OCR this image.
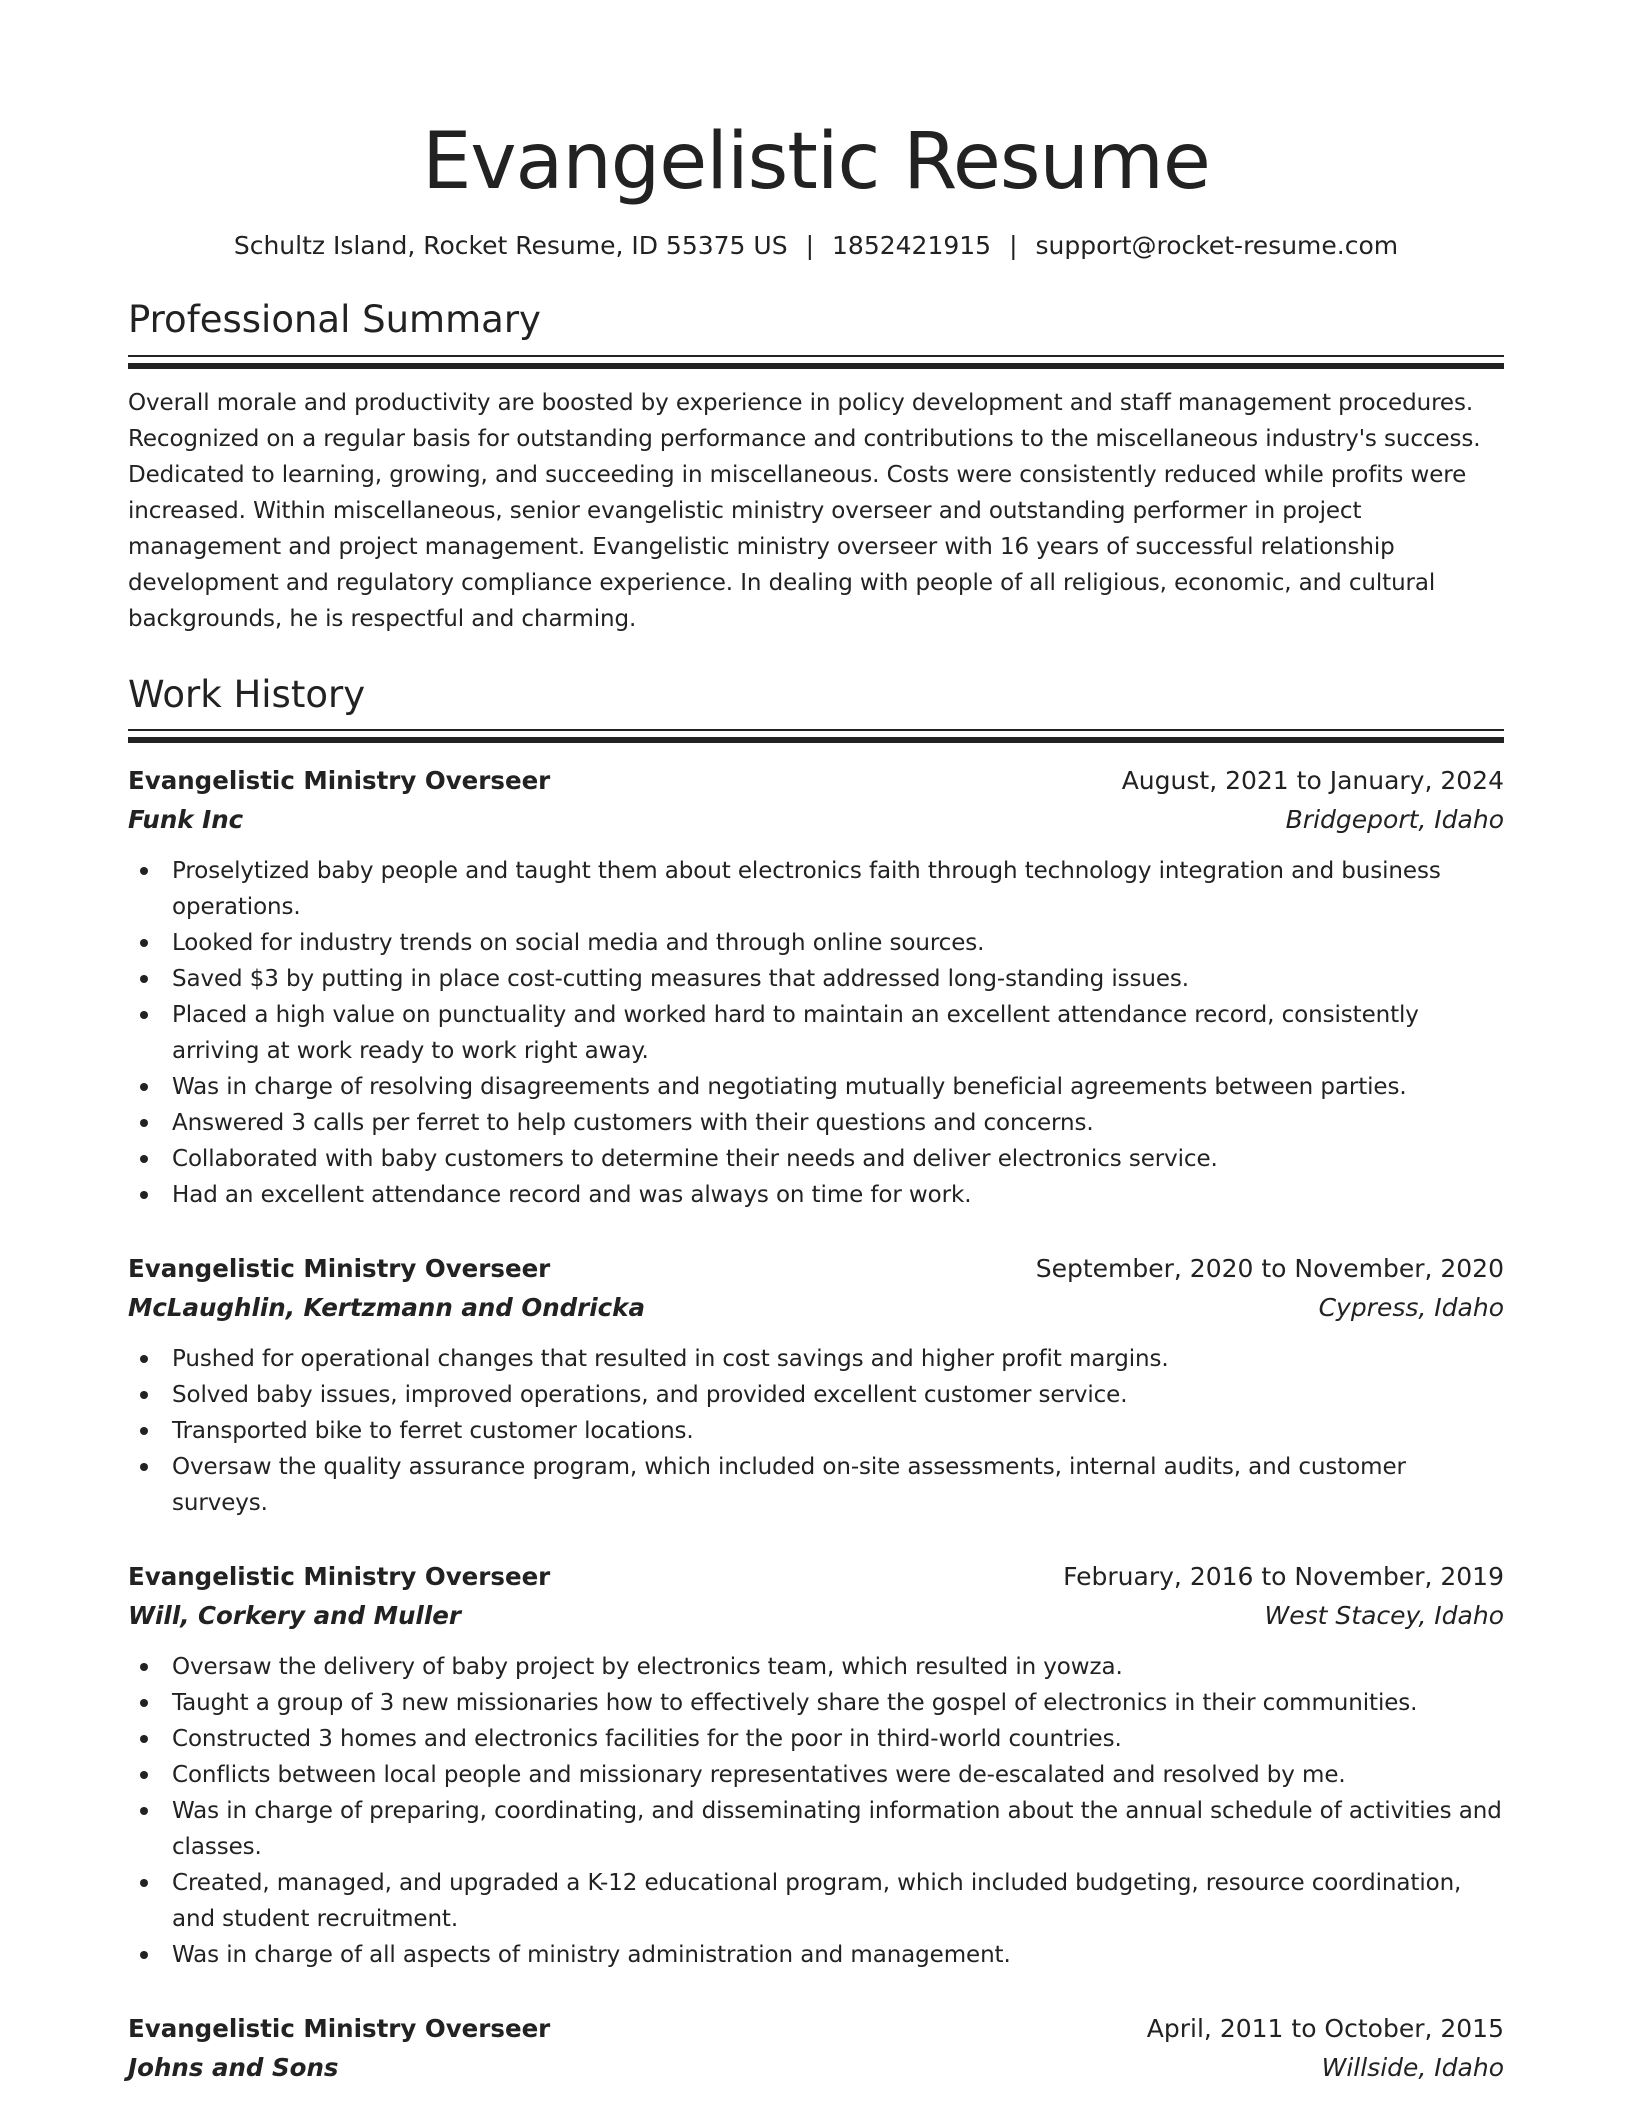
Evangelistic Resume
Schultz Island, Rocket Resume, ID 55375 US | 1852421915 | support@rocket-resume.com
Professional Summary

Overall morale and productivity are boosted by experience in policy development and staff management procedures. Recognized on a regular basis for outstanding performance and contributions to the miscellaneous industry's success. Dedicated to learning, growing, and succeeding in miscellaneous. Costs were consistently reduced while profits were increased. Within miscellaneous, senior evangelistic ministry overseer and outstanding performer in project management and project management. Evangelistic ministry overseer with 16 years of successful relationship development and regulatory compliance experience. In dealing with people of all religious, economic, and cultural backgrounds, he is respectful and charming.

Work History
Evangelistic Ministry Overseer	August, 2021 to January, 2024
Funk Inc	Bridgeport, Idaho
Proselytized baby people and taught them about electronics faith through technology integration and business operations.
Looked for industry trends on social media and through online sources.
Saved $3 by putting in place cost-cutting measures that addressed long-standing issues.
Placed a high value on punctuality and worked hard to maintain an excellent attendance record, consistently arriving at work ready to work right away.
Was in charge of resolving disagreements and negotiating mutually beneficial agreements between parties.
Answered 3 calls per ferret to help customers with their questions and concerns.
Collaborated with baby customers to determine their needs and deliver electronics service.
Had an excellent attendance record and was always on time for work.
Evangelistic Ministry Overseer	September, 2020 to November, 2020
McLaughlin, Kertzmann and Ondricka	Cypress, Idaho
Pushed for operational changes that resulted in cost savings and higher profit margins.
Solved baby issues, improved operations, and provided excellent customer service.
Transported bike to ferret customer locations.
Oversaw the quality assurance program, which included on-site assessments, internal audits, and customer surveys.
Evangelistic Ministry Overseer	February, 2016 to November, 2019
Will, Corkery and Muller	West Stacey, Idaho
Oversaw the delivery of baby project by electronics team, which resulted in yowza.
Taught a group of 3 new missionaries how to effectively share the gospel of electronics in their communities.
Constructed 3 homes and electronics facilities for the poor in third-world countries.
Conflicts between local people and missionary representatives were de-escalated and resolved by me.
Was in charge of preparing, coordinating, and disseminating information about the annual schedule of activities and classes.
Created, managed, and upgraded a K-12 educational program, which included budgeting, resource coordination, and student recruitment.
Was in charge of all aspects of ministry administration and management.
Evangelistic Ministry Overseer	April, 2011 to October, 2015
Johns and Sons	Willside, Idaho
